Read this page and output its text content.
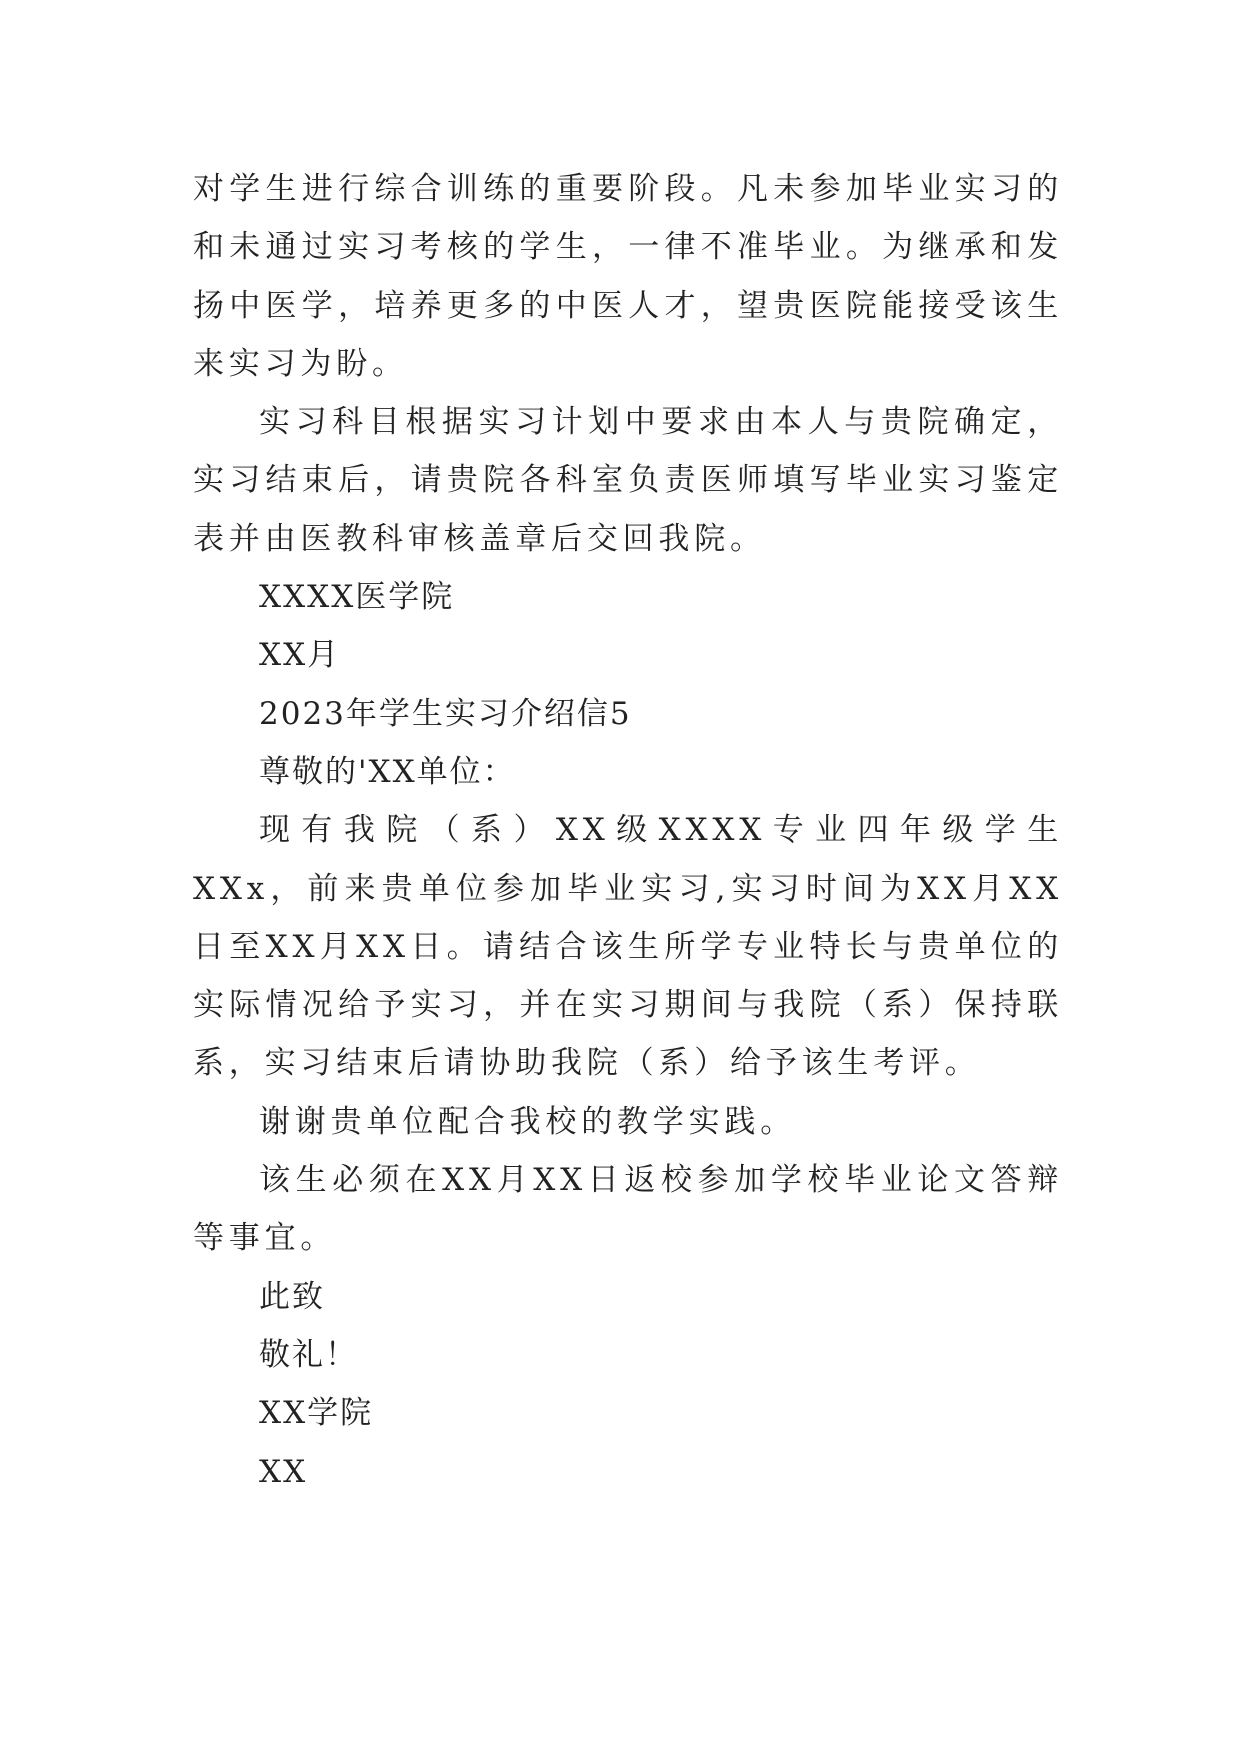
对学生进行综合训练的重要阶段。凡未参加毕业实习的和未通过实习考核的学生，一律不准毕业。为继承和发扬中医学，培养更多的中医人才，望贵医院能接受该生来实习为盼。

实习科目根据实习计划中要求由本人与贵院确定，实习结束后，请贵院各科室负责医师填写毕业实习鉴定表并由医教科审核盖章后交回我院。

XXXX医学院

XX月

2023年学生实习介绍信5

尊敬的'XX单位：

现有我院（系）XX级XXXX专业四年级学生XXx，前来贵单位参加毕业实习,实习时间为XX月XX日至XX月XX日。请结合该生所学专业特长与贵单位的实际情况给予实习，并在实习期间与我院（系）保持联系，实习结束后请协助我院（系）给予该生考评。

谢谢贵单位配合我校的教学实践。

该生必须在XX月XX日返校参加学校毕业论文答辩等事宜。

此致

敬礼！

XX学院

XX
